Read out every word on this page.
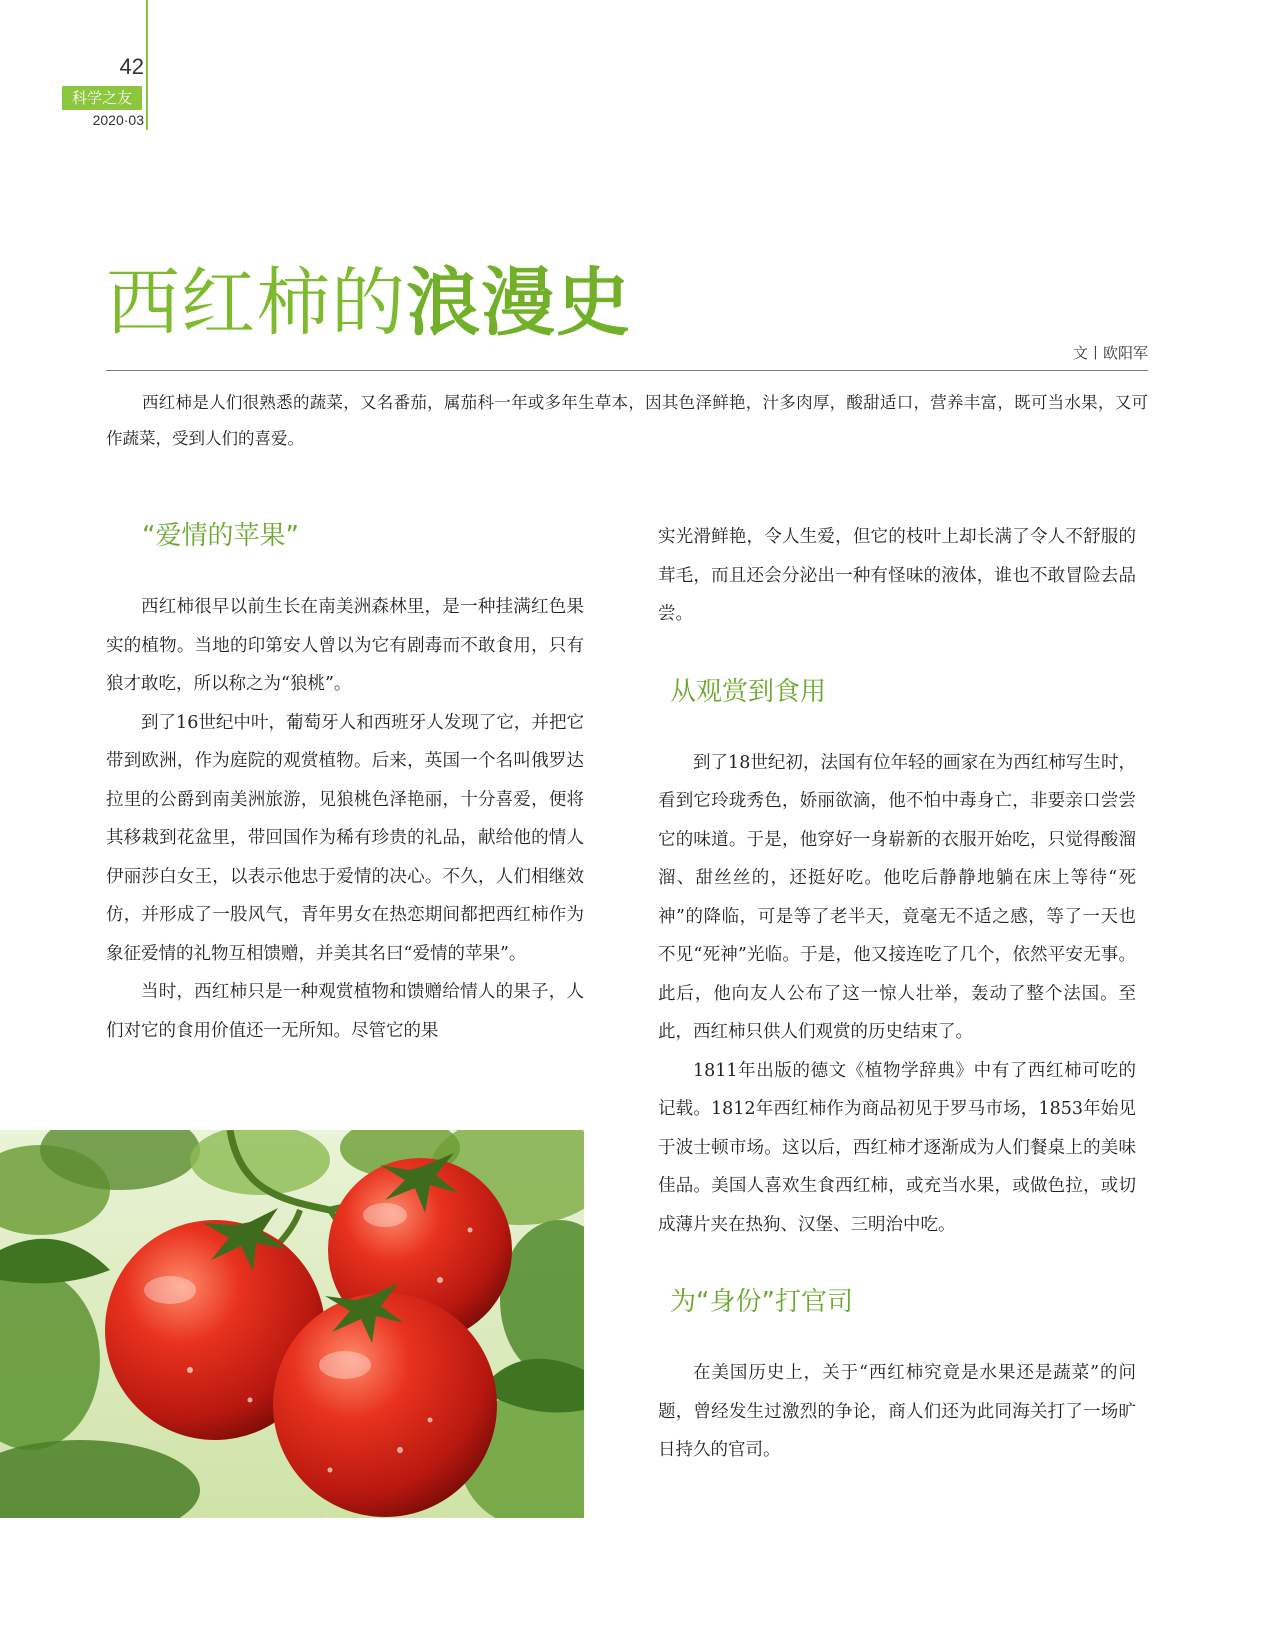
42
科学之友
2020·03
西红柿的浪漫史
文丨欧阳军

西红柿是人们很熟悉的蔬菜，又名番茄，属茄科一年或多年生草本，因其色泽鲜艳，汁多肉厚，酸甜适口，营养丰富，既可当水果，又可作蔬菜，受到人们的喜爱。

“爱情的苹果”

西红柿很早以前生长在南美洲森林里，是一种挂满红色果实的植物。当地的印第安人曾以为它有剧毒而不敢食用，只有狼才敢吃，所以称之为“狼桃”。

到了16世纪中叶，葡萄牙人和西班牙人发现了它，并把它带到欧洲，作为庭院的观赏植物。后来，英国一个名叫俄罗达拉里的公爵到南美洲旅游，见狼桃色泽艳丽，十分喜爱，便将其移栽到花盆里，带回国作为稀有珍贵的礼品，献给他的情人伊丽莎白女王，以表示他忠于爱情的决心。不久，人们相继效仿，并形成了一股风气，青年男女在热恋期间都把西红柿作为象征爱情的礼物互相馈赠，并美其名曰“爱情的苹果”。

当时，西红柿只是一种观赏植物和馈赠给情人的果子，人们对它的食用价值还一无所知。尽管它的果

实光滑鲜艳，令人生爱，但它的枝叶上却长满了令人不舒服的茸毛，而且还会分泌出一种有怪味的液体，谁也不敢冒险去品尝。

从观赏到食用

到了18世纪初，法国有位年轻的画家在为西红柿写生时，看到它玲珑秀色，娇丽欲滴，他不怕中毒身亡，非要亲口尝尝它的味道。于是，他穿好一身崭新的衣服开始吃，只觉得酸溜溜、甜丝丝的，还挺好吃。他吃后静静地躺在床上等待“死神”的降临，可是等了老半天，竟毫无不适之感，等了一天也不见“死神”光临。于是，他又接连吃了几个，依然平安无事。此后，他向友人公布了这一惊人壮举，轰动了整个法国。至此，西红柿只供人们观赏的历史结束了。

1811年出版的德文《植物学辞典》中有了西红柿可吃的记载。1812年西红柿作为商品初见于罗马市场，1853年始见于波士顿市场。这以后，西红柿才逐渐成为人们餐桌上的美味佳品。美国人喜欢生食西红柿，或充当水果，或做色拉，或切成薄片夹在热狗、汉堡、三明治中吃。

为“身份”打官司

在美国历史上，关于“西红柿究竟是水果还是蔬菜”的问题，曾经发生过激烈的争论，商人们还为此同海关打了一场旷日持久的官司。
